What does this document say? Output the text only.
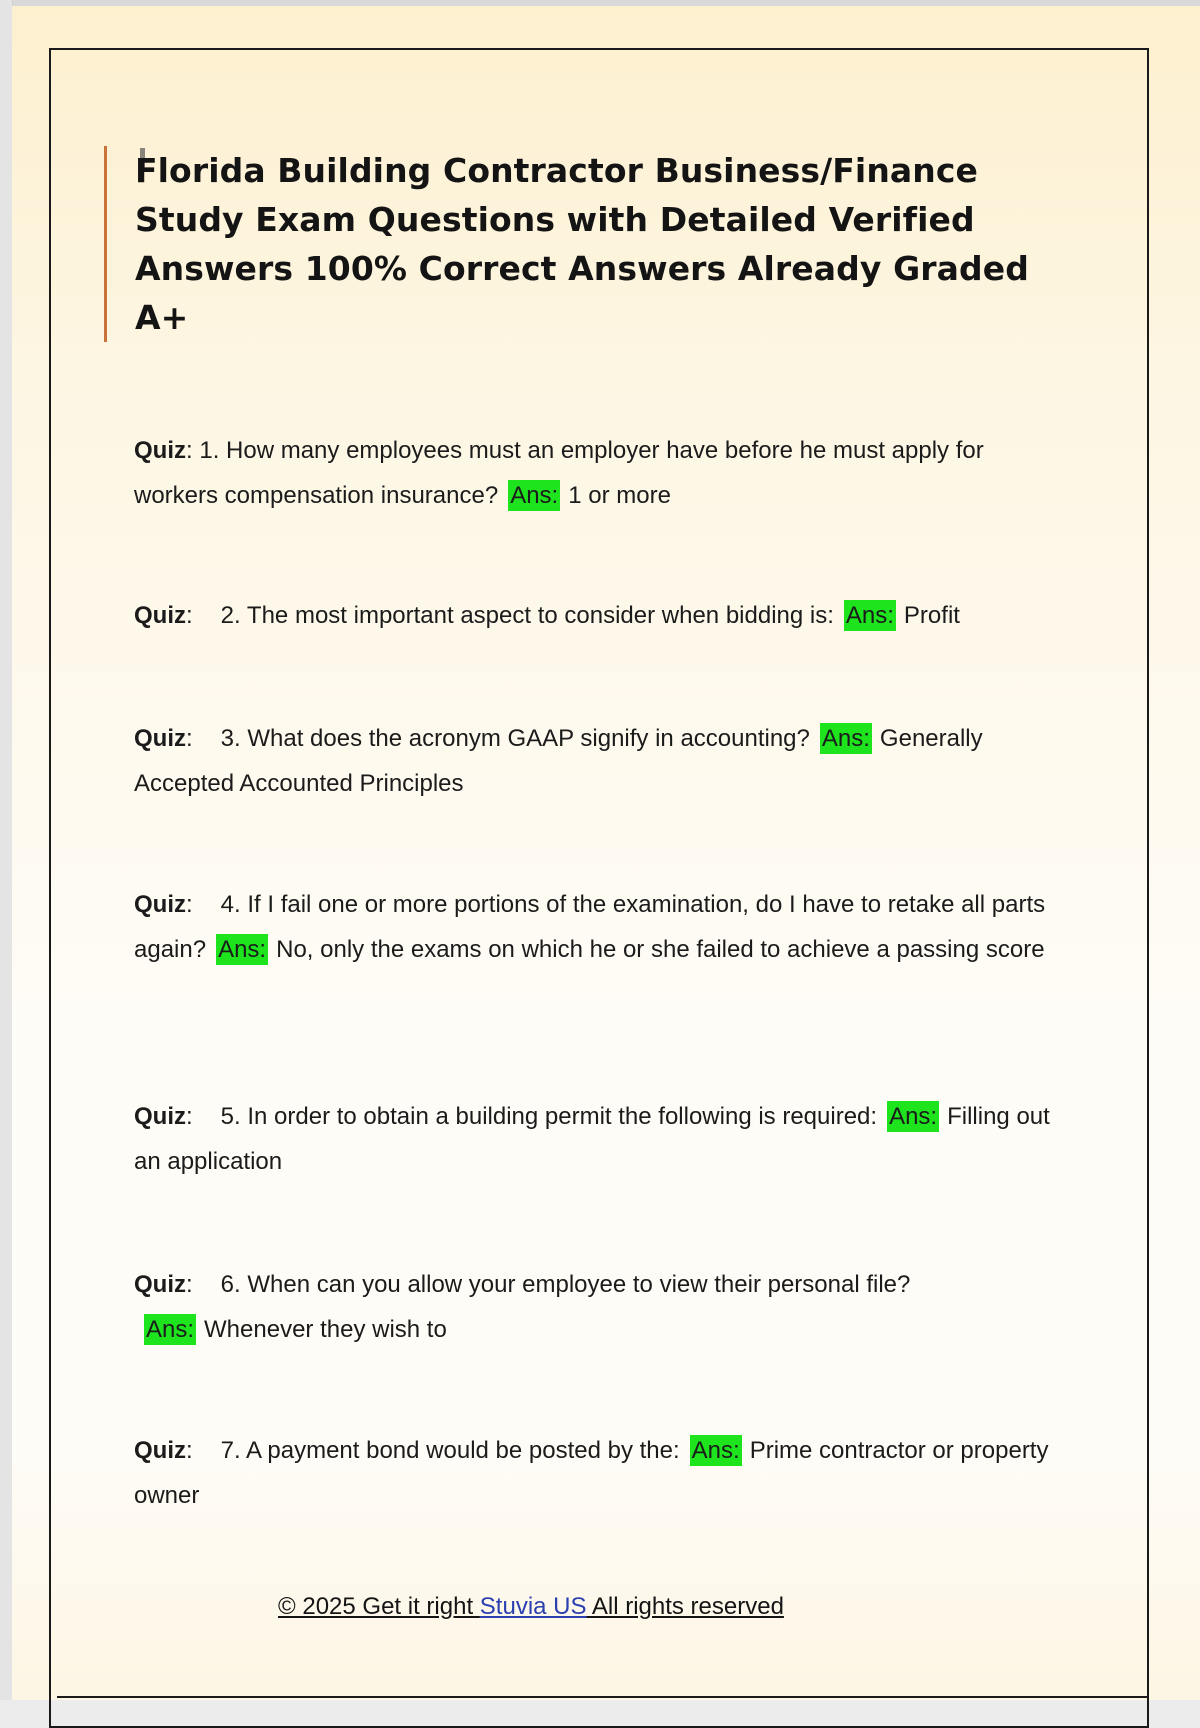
Florida Building Contractor Business/Finance Study Exam Questions with Detailed Verified Answers 100% Correct Answers Already Graded A+

Quiz: 1. How many employees must an employer have before he must apply for workers compensation insurance? Ans: 1 or more

Quiz: 2. The most important aspect to consider when bidding is: Ans: Profit

Quiz: 3. What does the acronym GAAP signify in accounting? Ans: Generally Accepted Accounted Principles

Quiz: 4. If I fail one or more portions of the examination, do I have to retake all parts again? Ans: No, only the exams on which he or she failed to achieve a passing score

Quiz: 5. In order to obtain a building permit the following is required: Ans: Filling out an application

Quiz: 6. When can you allow your employee to view their personal file?Ans: Whenever they wish to

Quiz: 7. A payment bond would be posted by the: Ans: Prime contractor or property owner

© 2025 Get it right Stuvia US All rights reserved
